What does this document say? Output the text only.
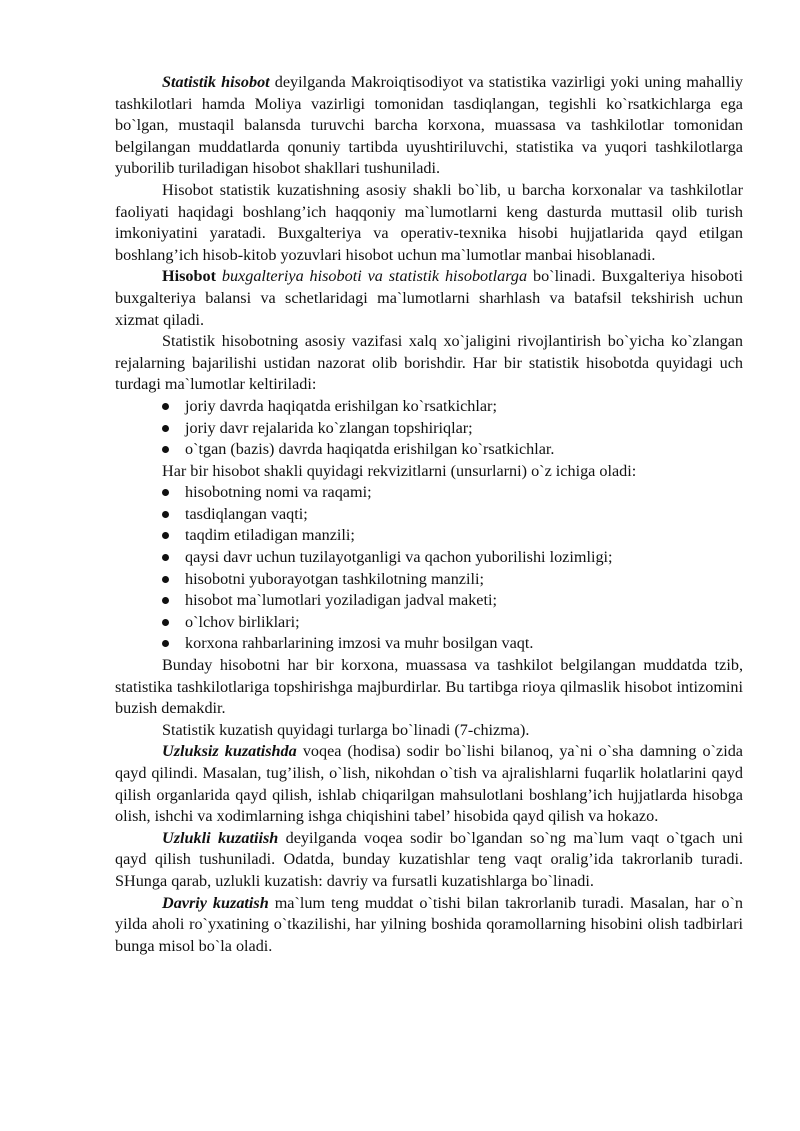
Statistik hisobot deyilganda Makroiqtisodiyot va statistika vazirligi yoki uning mahalliy tashkilotlari hamda Moliya vazirligi tomonidan tasdiqlangan, tegishli ko`rsatkichlarga ega bo`lgan, mustaqil balansda turuvchi barcha korxona, muassasa va tashkilotlar tomonidan belgilangan muddatlarda qonuniy tartibda uyushtiriluvchi, statistika va yuqori tashkilotlarga yuborilib turiladigan hisobot shakllari tushuniladi.

Hisobot statistik kuzatishning asosiy shakli bo`lib, u barcha korxonalar va tashkilotlar faoliyati haqidagi boshlang’ich haqqoniy ma`lumotlarni keng dasturda muttasil olib turish imkoniyatini yaratadi. Buxgalteriya va operativ-texnika hisobi hujjatlarida qayd etilgan boshlang’ich hisob-kitob yozuvlari hisobot uchun ma`lumotlar manbai hisoblanadi.

Hisobot buxgalteriya hisoboti va statistik hisobotlarga bo`linadi. Buxgalteriya hisoboti buxgalteriya balansi va schetlaridagi ma`lumotlarni sharhlash va batafsil tekshirish uchun xizmat qiladi.

Statistik hisobotning asosiy vazifasi xalq xo`jaligini rivojlantirish bo`yicha ko`zlangan rejalarning bajarilishi ustidan nazorat olib borishdir. Har bir statistik hisobotda quyidagi uch turdagi ma`lumotlar keltiriladi:

joriy davrda haqiqatda erishilgan ko`rsatkichlar;
joriy davr rejalarida ko`zlangan topshiriqlar;
o`tgan (bazis) davrda haqiqatda erishilgan ko`rsatkichlar.

Har bir hisobot shakli quyidagi rekvizitlarni (unsurlarni) o`z ichiga oladi:

hisobotning nomi va raqami;
tasdiqlangan vaqti;
taqdim etiladigan manzili;
qaysi davr uchun tuzilayotganligi va qachon yuborilishi lozimligi;
hisobotni yuborayotgan tashkilotning manzili;
hisobot ma`lumotlari yoziladigan jadval maketi;
o`lchov birliklari;
korxona rahbarlarining imzosi va muhr bosilgan vaqt.

Bunday hisobotni har bir korxona, muassasa va tashkilot belgilangan muddatda tzib, statistika tashkilotlariga topshirishga majburdirlar. Bu tartibga rioya qilmaslik hisobot intizomini buzish demakdir.

Statistik kuzatish quyidagi turlarga bo`linadi (7-chizma).

Uzluksiz kuzatishda voqea (hodisa) sodir bo`lishi bilanoq, ya`ni o`sha damning o`zida qayd qilindi. Masalan, tug’ilish, o`lish, nikohdan o`tish va ajralishlarni fuqarlik holatlarini qayd qilish organlarida qayd qilish, ishlab chiqarilgan mahsulotlani boshlang’ich hujjatlarda hisobga olish, ishchi va xodimlarning ishga chiqishini tabel’ hisobida qayd qilish va hokazo.

Uzlukli kuzatiish deyilganda voqea sodir bo`lgandan so`ng ma`lum vaqt o`tgach uni qayd qilish tushuniladi. Odatda, bunday kuzatishlar teng vaqt oralig’ida takrorlanib turadi. SHunga qarab, uzlukli kuzatish: davriy va fursatli kuzatishlarga bo`linadi.

Davriy kuzatish ma`lum teng muddat o`tishi bilan takrorlanib turadi. Masalan, har o`n yilda aholi ro`yxatining o`tkazilishi, har yilning boshida qoramollarning hisobini olish tadbirlari bunga misol bo`la oladi.
